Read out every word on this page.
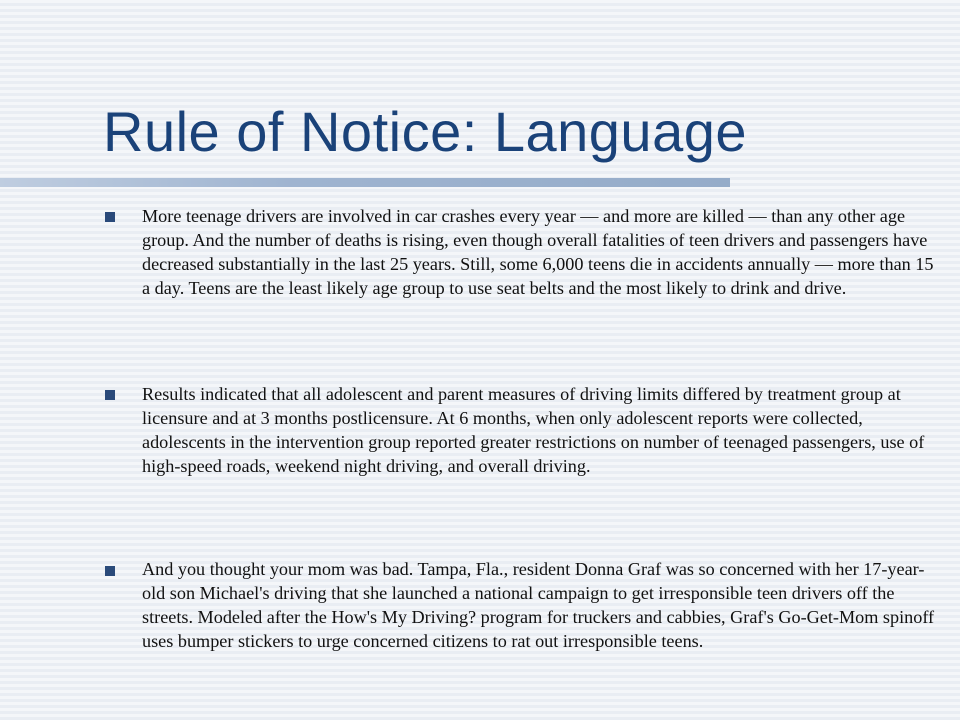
Rule of Notice: Language
More teenage drivers are involved in car crashes every year — and more are killed — than any other age group. And the number of deaths is rising, even though overall fatalities of teen drivers and passengers have decreased substantially in the last 25 years. Still, some 6,000 teens die in accidents annually — more than 15 a day. Teens are the least likely age group to use seat belts and the most likely to drink and drive.
Results indicated that all adolescent and parent measures of driving limits differed by treatment group at licensure and at 3 months postlicensure. At 6 months, when only adolescent reports were collected, adolescents in the intervention group reported greater restrictions on number of teenaged passengers, use of high-speed roads, weekend night driving, and overall driving.
And you thought your mom was bad. Tampa, Fla., resident Donna Graf was so concerned with her 17-year-old son Michael's driving that she launched a national campaign to get irresponsible teen drivers off the streets. Modeled after the How's My Driving? program for truckers and cabbies, Graf's Go-Get-Mom spinoff uses bumper stickers to urge concerned citizens to rat out irresponsible teens.
